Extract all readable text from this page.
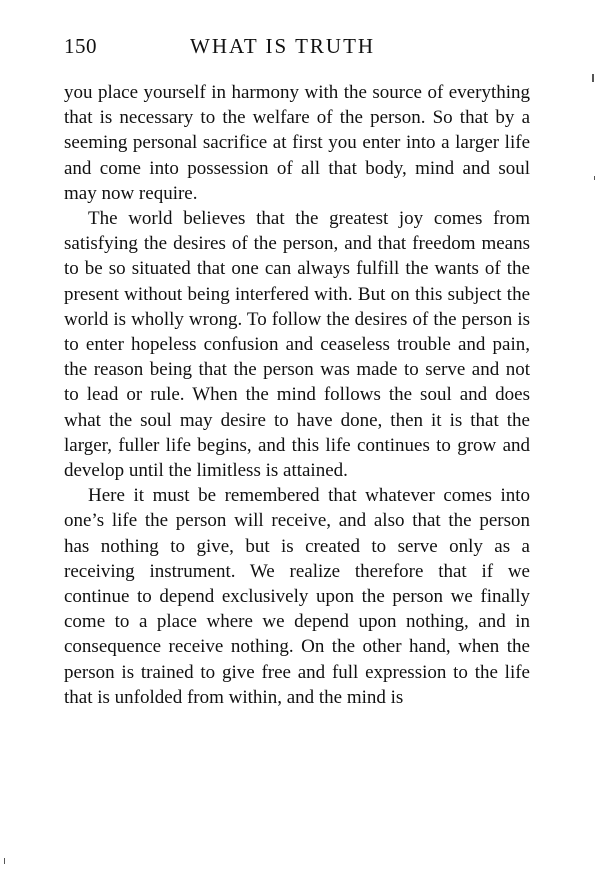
150	WHAT IS TRUTH

you place yourself in harmony with the source of everything that is necessary to the welfare of the person. So that by a seeming personal sacrifice at first you enter into a larger life and come into possession of all that body, mind and soul may now require.

The world believes that the greatest joy comes from satisfying the desires of the person, and that freedom means to be so situated that one can always fulfill the wants of the present without being interfered with. But on this subject the world is wholly wrong. To follow the desires of the person is to enter hopeless confusion and ceaseless trouble and pain, the reason being that the person was made to serve and not to lead or rule. When the mind follows the soul and does what the soul may desire to have done, then it is that the larger, fuller life begins, and this life continues to grow and develop until the limitless is attained.

Here it must be remembered that whatever comes into one’s life the person will receive, and also that the person has nothing to give, but is created to serve only as a receiving instrument. We realize therefore that if we continue to depend exclusively upon the person we finally come to a place where we depend upon nothing, and in consequence receive nothing. On the other hand, when the person is trained to give free and full expression to the life that is unfolded from within, and the mind is
